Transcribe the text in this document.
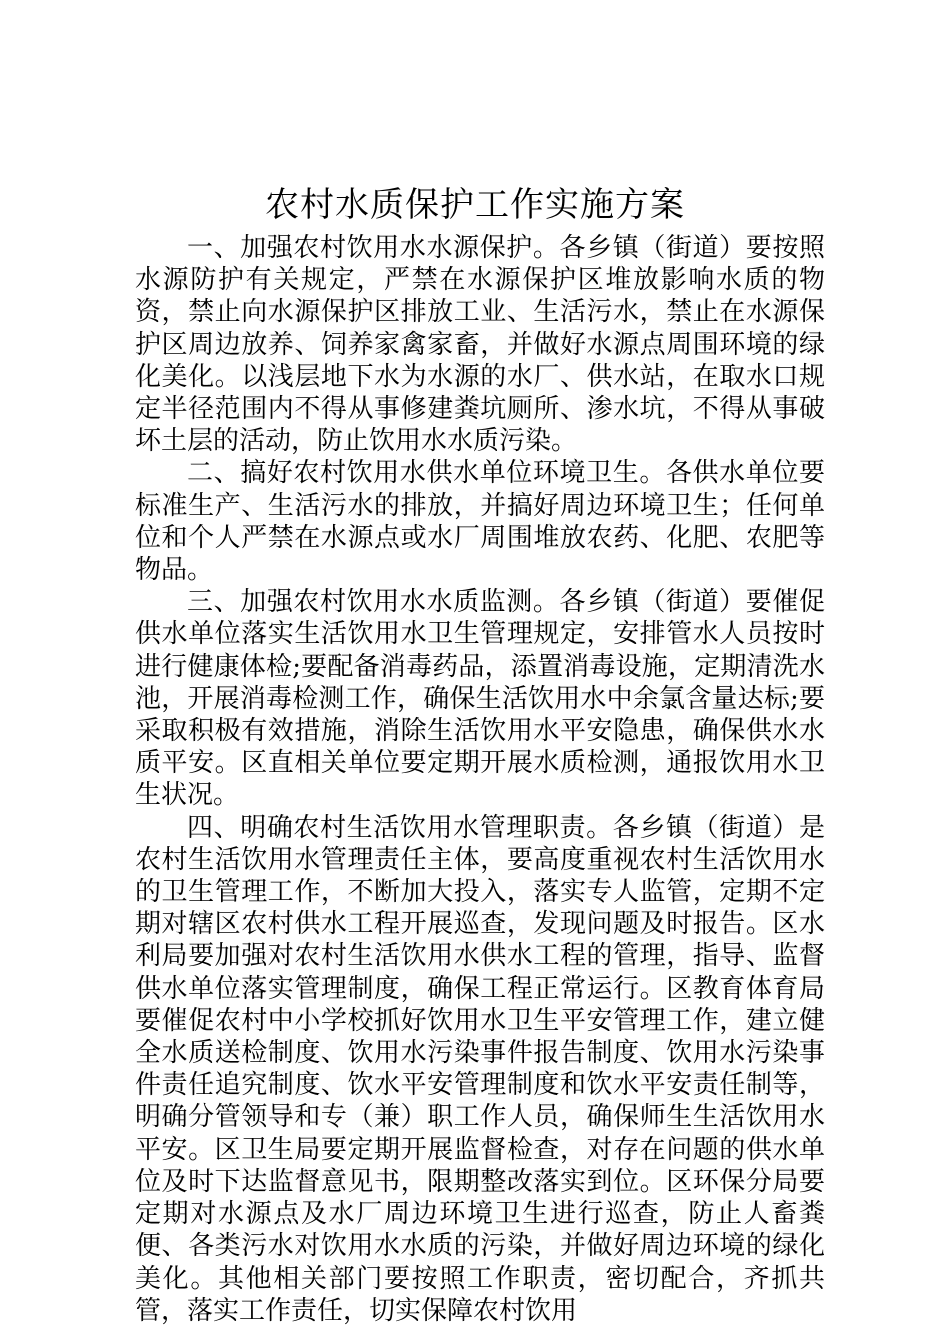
农村水质保护工作实施方案

一、加强农村饮用水水源保护。各乡镇（街道）要按照水源防护有关规定，严禁在水源保护区堆放影响水质的物资，禁止向水源保护区排放工业、生活污水，禁止在水源保护区周边放养、饲养家禽家畜，并做好水源点周围环境的绿化美化。以浅层地下水为水源的水厂、供水站，在取水口规定半径范围内不得从事修建粪坑厕所、渗水坑，不得从事破坏土层的活动，防止饮用水水质污染。

二、搞好农村饮用水供水单位环境卫生。各供水单位要标准生产、生活污水的排放，并搞好周边环境卫生；任何单位和个人严禁在水源点或水厂周围堆放农药、化肥、农肥等物品。

三、加强农村饮用水水质监测。各乡镇（街道）要催促供水单位落实生活饮用水卫生管理规定，安排管水人员按时进行健康体检;要配备消毒药品，添置消毒设施，定期清洗水池，开展消毒检测工作，确保生活饮用水中余氯含量达标;要采取积极有效措施，消除生活饮用水平安隐患，确保供水水质平安。区直相关单位要定期开展水质检测，通报饮用水卫生状况。

四、明确农村生活饮用水管理职责。各乡镇（街道）是农村生活饮用水管理责任主体，要高度重视农村生活饮用水的卫生管理工作，不断加大投入，落实专人监管，定期不定期对辖区农村供水工程开展巡查，发现问题及时报告。区水利局要加强对农村生活饮用水供水工程的管理，指导、监督供水单位落实管理制度，确保工程正常运行。区教育体育局要催促农村中小学校抓好饮用水卫生平安管理工作，建立健全水质送检制度、饮用水污染事件报告制度、饮用水污染事件责任追究制度、饮水平安管理制度和饮水平安责任制等，明确分管领导和专（兼）职工作人员，确保师生生活饮用水平安。区卫生局要定期开展监督检查，对存在问题的供水单位及时下达监督意见书，限期整改落实到位。区环保分局要定期对水源点及水厂周边环境卫生进行巡查，防止人畜粪便、各类污水对饮用水水质的污染，并做好周边环境的绿化美化。其他相关部门要按照工作职责，密切配合，齐抓共管，落实工作责任，切实保障农村饮用
